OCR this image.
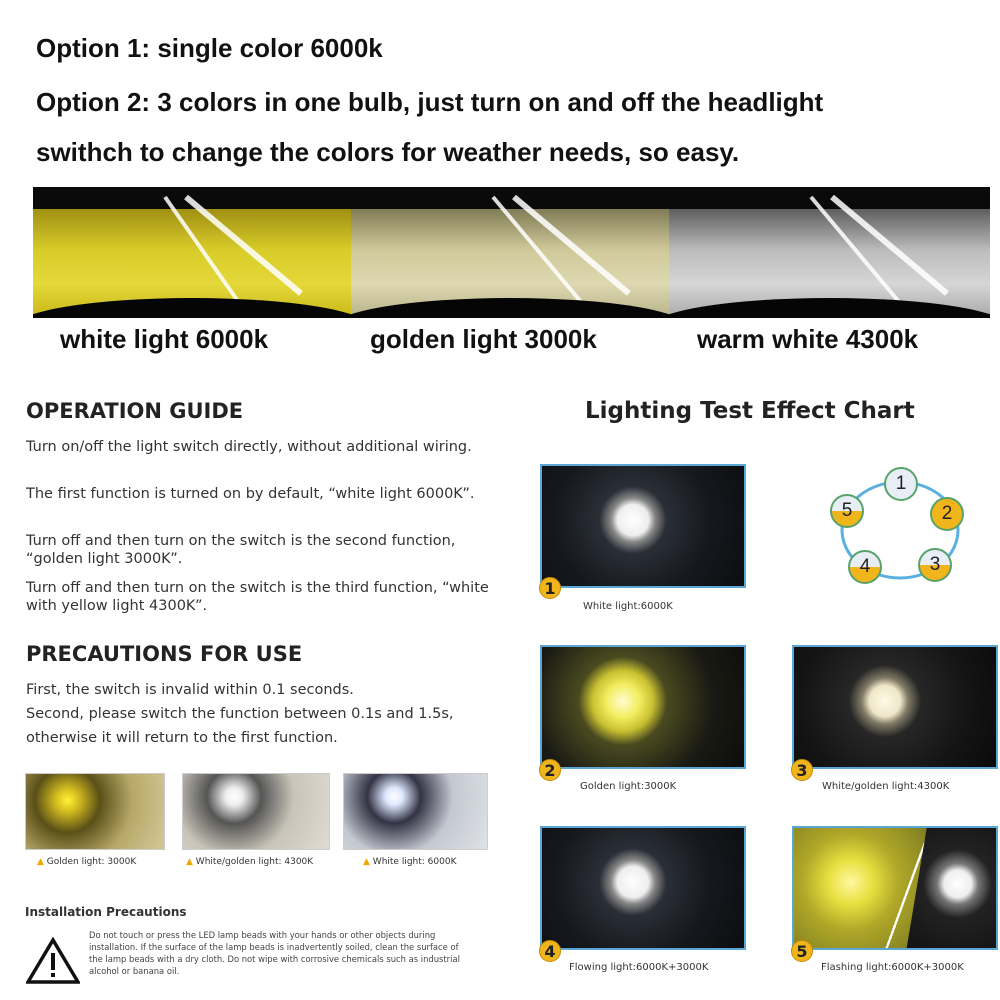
Option 1: single color 6000k
Option 2: 3 colors in one bulb, just turn on and off the headlight
swithch to change the colors for weather needs, so easy.
white light 6000k	golden light 3000k	warm white 4300k
OPERATION GUIDE
Turn on/off the light switch directly, without additional wiring.
The first function is turned on by default, “white light 6000K”.
Turn off and then turn on the switch is the second function, “golden light 3000K”.
Turn off and then turn on the switch is the third function, “white with yellow light 4300K”.
PRECAUTIONS FOR USE
First, the switch is invalid within 0.1 seconds.
Second, please switch the function between 0.1s and 1.5s, otherwise it will return to the first function.
▲ Golden light: 3000K	▲ White/golden light: 4300K	▲ White light: 6000K
Installation Precautions
Do not touch or press the LED lamp beads with your hands or other objects during installation. If the surface of the lamp beads is inadvertently soiled, clean the surface of the lamp beads with a dry cloth. Do not wipe with corrosive chemicals such as industrial alcohol or banana oil.
Lighting Test Effect Chart
1
White light:6000K
1
2
3
4
5
2
Golden light:3000K
3
White/golden light:4300K
4
Flowing light:6000K+3000K
5
Flashing light:6000K+3000K
